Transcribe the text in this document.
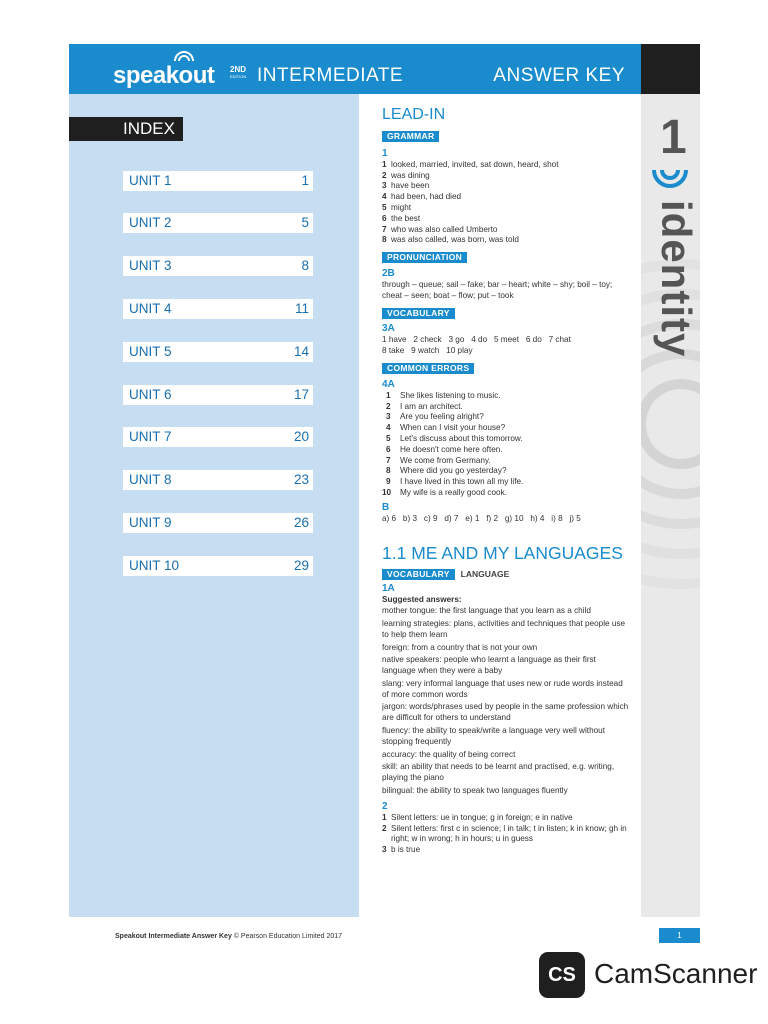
speakout 2ND
EDITION INTERMEDIATE	ANSWER KEY
INDEX
UNIT 1	1
UNIT 2	5
UNIT 3	8
UNIT 4	11
UNIT 5	14
UNIT 6	17
UNIT 7	20
UNIT 8	23
UNIT 9	26
UNIT 10	29
1
identity
LEAD-IN
GRAMMAR
1
1 looked, married, invited, sat down, heard, shot
2 was dining
3 have been
4 had been, had died
5 might
6 the best
7 who was also called Umberto
8 was also called, was born, was told
PRONUNCIATION
2B

through – queue; sail – fake; bar – heart; white – shy; boil – toy; cheat – seen; boat – flow; put – took

VOCABULARY
3A

1 have   2 check   3 go   4 do   5 meet   6 do   7 chat

8 take   9 watch   10 play

COMMON ERRORS
4A
1 She likes listening to music.
2 I am an architect.
3 Are you feeling alright?
4 When can I visit your house?
5 Let's discuss about this tomorrow.
6 He doesn't come here often.
7 We come from Germany.
8 Where did you go yesterday?
9 I have lived in this town all my life.
10 My wife is a really good cook.
B

a) 6   b) 3   c) 9   d) 7   e) 1   f) 2   g) 10   h) 4   i) 8   j) 5

1.1 ME AND MY LANGUAGES
VOCABULARY LANGUAGE
1A

Suggested answers:

mother tongue: the first language that you learn as a child

learning strategies: plans, activities and techniques that people use to help them learn

foreign: from a country that is not your own

native speakers: people who learnt a language as their first language when they were a baby

slang: very informal language that uses new or rude words instead of more common words

jargon: words/phrases used by people in the same profession which are difficult for others to understand

fluency: the ability to speak/write a language very well without stopping frequently

accuracy: the quality of being correct

skill: an ability that needs to be learnt and practised, e.g. writing, playing the piano

bilingual: the ability to speak two languages fluently

2
1 Silent letters: ue in tongue; g in foreign; e in native
2 Silent letters: first c in science; l in talk; t in listen; k in know; gh in right; w in wrong; h in hours; u in guess
3 b is true
Speakout Intermediate Answer Key © Pearson Education Limited 2017	1
CS CamScanner
